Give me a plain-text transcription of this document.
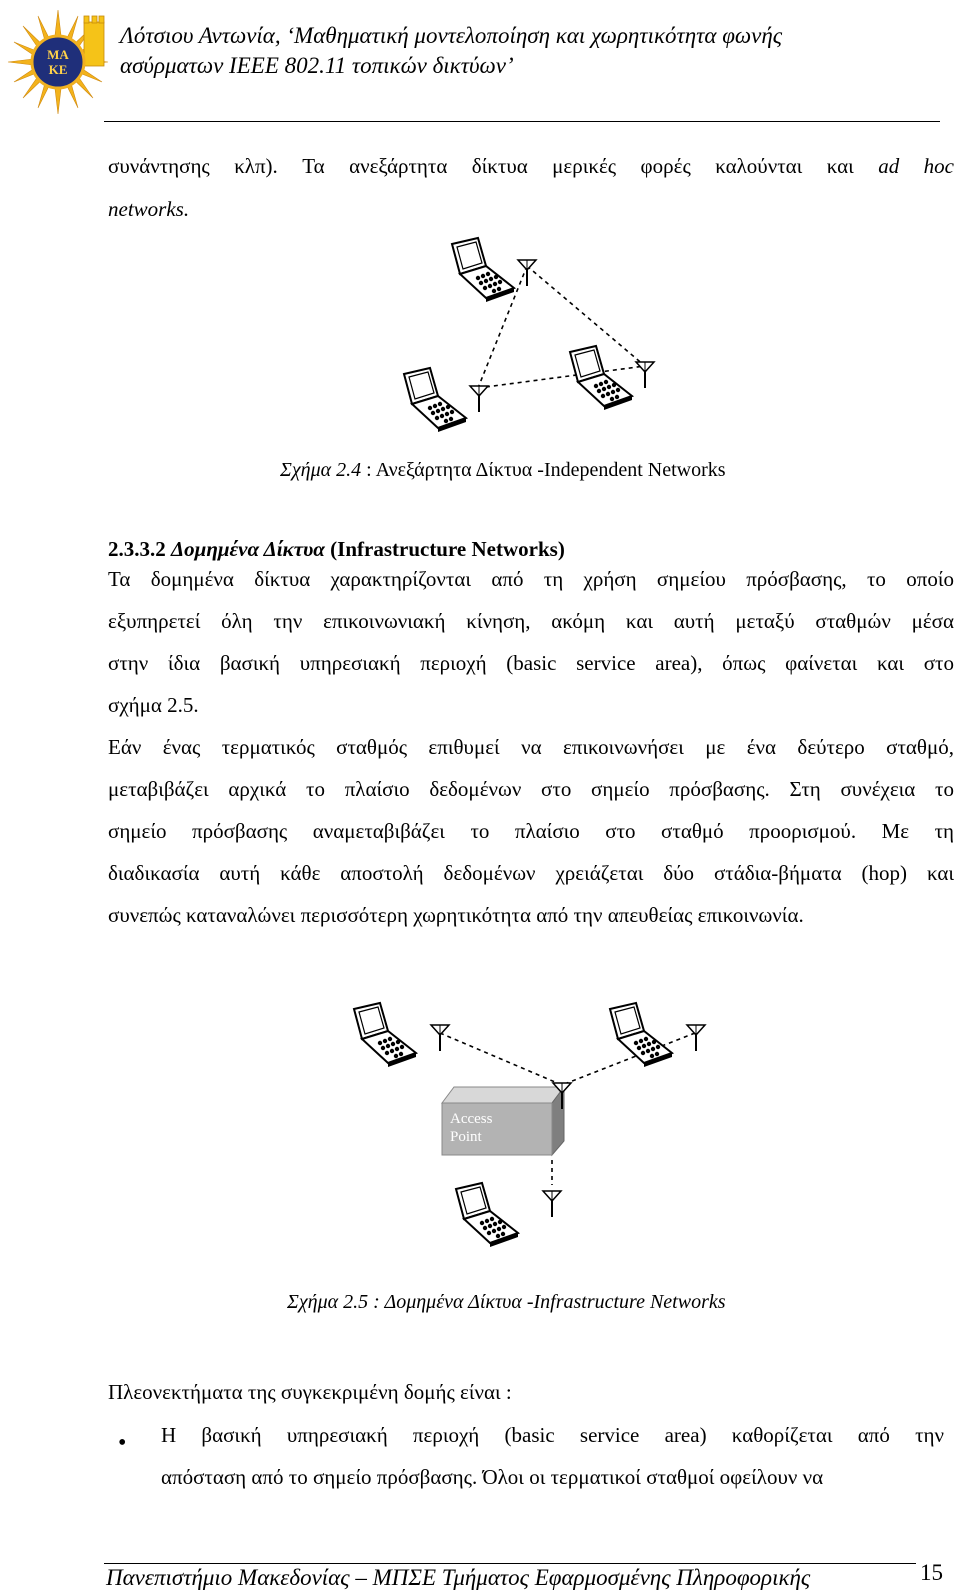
ΜΑ
ΚΕ
Λότσιου Αντωνία, ‘Μαθηματική μοντελοποίηση και χωρητικότητα φωνής
ασύρματων IEEE 802.11 τοπικών δικτύων’
συνάντησης κλπ). Τα ανεξάρτητα δίκτυα μερικές φορές καλούνται και ad hoc
networks.
Σχήμα 2.4 : Ανεξάρτητα Δίκτυα -Independent Networks
2.3.3.2 Δομημένα Δίκτυα (Infrastructure Networks)
Τα δομημένα δίκτυα χαρακτηρίζονται από τη χρήση σημείου πρόσβασης, το οποίο
εξυπηρετεί όλη την επικοινωνιακή κίνηση, ακόμη και αυτή μεταξύ σταθμών μέσα
στην ίδια βασική υπηρεσιακή περιοχή (basic service area), όπως φαίνεται και στο
σχήμα 2.5.
Εάν ένας τερματικός σταθμός επιθυμεί να επικοινωνήσει με ένα δεύτερο σταθμό,
μεταβιβάζει αρχικά το πλαίσιο δεδομένων στο σημείο πρόσβασης. Στη συνέχεια το
σημείο πρόσβασης αναμεταβιβάζει το πλαίσιο στο σταθμό προορισμού. Με τη
διαδικασία αυτή κάθε αποστολή δεδομένων χρειάζεται δύο στάδια-βήματα (hop) και
συνεπώς καταναλώνει περισσότερη χωρητικότητα από την απευθείας επικοινωνία.
Access
Point
Σχήμα 2.5 : Δομημένα Δίκτυα -Infrastructure Networks
Πλεονεκτήματα της συγκεκριμένη δομής είναι :
• Η βασική υπηρεσιακή περιοχή (basic service area) καθορίζεται από την
απόσταση από το σημείο πρόσβασης. Όλοι οι τερματικοί σταθμοί οφείλουν να
Πανεπιστήμιο Μακεδονίας – ΜΠΣΕ Τμήματος Εφαρμοσμένης Πληροφορικής	15
